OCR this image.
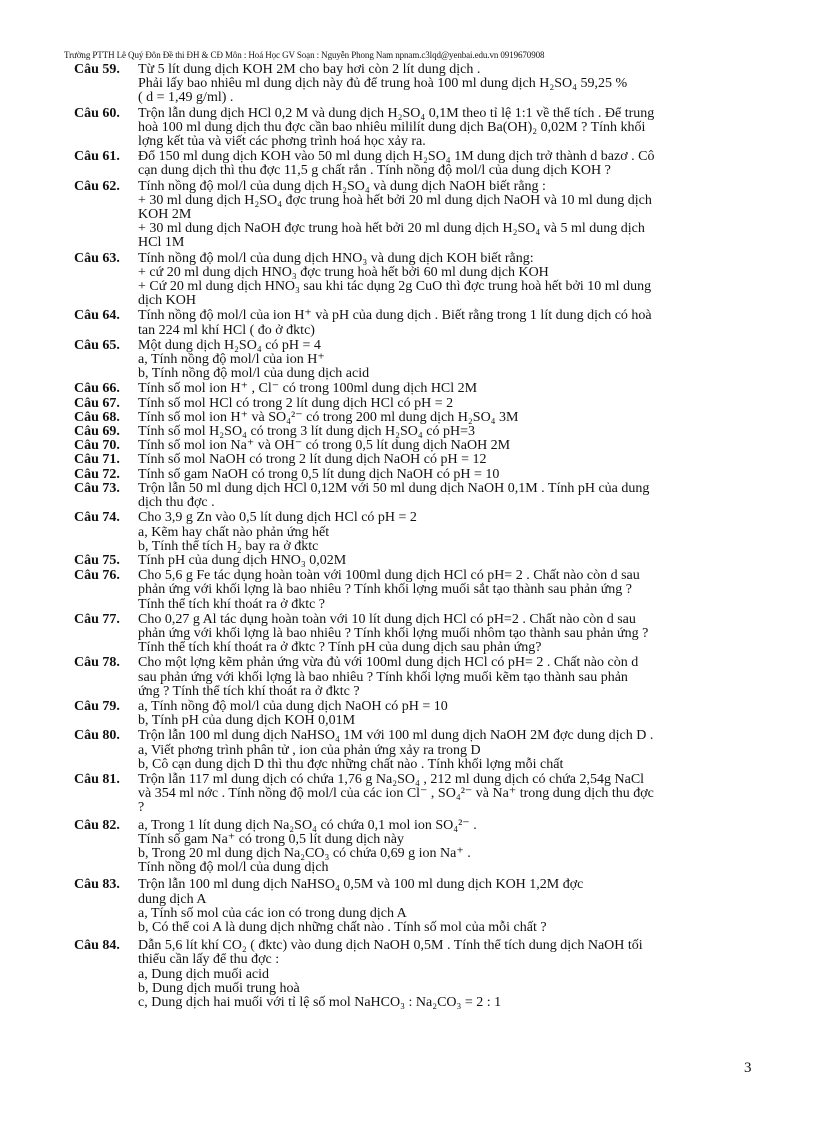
Trường PTTH Lê Quý Đôn Đề thi ĐH & CĐ Môn : Hoá Học GV Soạn : Nguyễn Phong Nam npnam.c3lqd@yenbai.edu.vn 0919670908
Câu 59.	Từ 5 lít dung dịch KOH 2M cho bay hơi còn 2 lít dung dịch .
Phải lấy bao nhiêu ml dung dịch này đủ để trung hoà 100 ml dung dịch H₂SO₄ 59,25 %
( d = 1,49 g/ml) .
Câu 60.	Trộn lẫn dung dịch HCl 0,2 M và dung dịch H₂SO₄ 0,1M theo tỉ lệ 1:1 về thể tích . Để trung
hoà 100 ml dung dịch thu đợc cần bao nhiêu mililít dung dịch Ba(OH)₂ 0,02M ? Tính khối
lợng kết tủa và viết các phơng trình hoá học xảy ra.
Câu 61.	Đổ 150 ml dung dịch KOH vào 50 ml dung dịch H₂SO₄ 1M dung dịch trở thành d bazơ . Cô
cạn dung dịch thì thu đợc 11,5 g chất rắn . Tính nồng độ mol/l của dung dịch KOH ?
Câu 62.	Tính nồng độ mol/l của dung dịch H₂SO₄ và dung dịch NaOH biết rằng :
+ 30 ml dung dịch H₂SO₄ đợc trung hoà hết bởi 20 ml dung dịch NaOH và 10 ml dung dịch
KOH 2M
+ 30 ml dung dịch NaOH đợc trung hoà hết bởi 20 ml dung dịch H₂SO₄ và 5 ml dung dịch
HCl 1M
Câu 63.	Tính nồng độ mol/l của dung dịch HNO₃ và dung dịch KOH biết rằng:
+ cứ 20 ml dung dịch HNO₃ đợc trung hoà hết bởi 60 ml dung dịch KOH
+ Cứ 20 ml dung dịch HNO₃ sau khi tác dụng 2g CuO thì đợc trung hoà hết bởi 10 ml dung
dịch KOH
Câu 64.	Tính nồng độ mol/l của ion H⁺ và pH của dung dịch . Biết rằng trong 1 lít dung dịch có hoà
tan 224 ml khí HCl ( đo ở đktc)
Câu 65.	Một dung dịch H₂SO₄ có pH = 4
a, Tính nồng độ mol/l của ion H⁺
b, Tính nồng độ mol/l của dung dịch acid
Câu 66.	Tính số mol ion H⁺ , Cl⁻ có trong 100ml dung dịch HCl 2M
Câu 67.	Tính số mol HCl có trong 2 lít dung dịch HCl có pH = 2
Câu 68.	Tính số mol ion H⁺ và SO₄²⁻ có trong 200 ml dung dịch H₂SO₄ 3M
Câu 69.	Tính số mol H₂SO₄ có trong 3 lít dung dịch H₂SO₄ có pH=3
Câu 70.	Tính số mol ion Na⁺ và OH⁻ có trong 0,5 lít dung dịch NaOH 2M
Câu 71.	Tính số mol NaOH có trong 2 lít dung dịch NaOH có pH = 12
Câu 72.	Tính số gam NaOH có trong 0,5 lít dung dịch NaOH có pH = 10
Câu 73.	Trộn lẫn 50 ml dung dịch HCl 0,12M với 50 ml dung dịch NaOH 0,1M . Tính pH của dung
dịch thu đợc .
Câu 74.	Cho 3,9 g Zn vào 0,5 lít dung dịch HCl có pH = 2
a, Kẽm hay chất nào phản ứng hết
b, Tính thể tích H₂ bay ra ở đktc
Câu 75.	Tính pH của dung dịch HNO₃ 0,02M
Câu 76.	Cho 5,6 g Fe tác dụng hoàn toàn với 100ml dung dịch HCl có pH= 2 . Chất nào còn d sau
phản ứng với khối lợng là bao nhiêu ? Tính khối lợng muối sắt tạo thành sau phản ứng ?
Tính thể tích khí thoát ra ở đktc ?
Câu 77.	Cho 0,27 g Al tác dụng hoàn toàn với 10 lít dung dịch HCl có pH=2 . Chất nào còn d sau
phản ứng với khối lợng là bao nhiêu ? Tính khối lợng muối nhôm tạo thành sau phản ứng ?
Tính thể tích khí thoát ra ở đktc ? Tính pH của dung dịch sau phản ứng?
Câu 78.	Cho một lợng kẽm phản ứng vừa đủ với 100ml dung dịch HCl có pH= 2 . Chất nào còn d
sau phản ứng với khối lợng là bao nhiêu ? Tính khối lợng muối kẽm tạo thành sau phản
ứng ? Tính thể tích khí thoát ra ở đktc ?
Câu 79.	a, Tính nồng độ mol/l của dung dịch NaOH có pH = 10
b, Tính pH của dung dịch KOH 0,01M
Câu 80.	Trộn lẫn 100 ml dung dịch NaHSO₄ 1M với 100 ml dung dịch NaOH 2M đợc dung dịch D .
a, Viết phơng trình phân tử , ion của phản ứng xảy ra trong D
b, Cô cạn dung dịch D thì thu đợc những chất nào . Tính khối lợng mỗi chất
Câu 81.	Trộn lẫn 117 ml dung dịch có chứa 1,76 g Na₂SO₄ , 212 ml dung dịch có chứa 2,54g NaCl
và 354 ml nớc . Tính nồng độ mol/l của các ion Cl⁻ , SO₄²⁻ và Na⁺ trong dung dịch thu đợc
?
Câu 82.	a, Trong 1 lít dung dịch Na₂SO₄ có chứa 0,1 mol ion SO₄²⁻ .
Tính số gam Na⁺ có trong 0,5 lít dung dịch này
b, Trong 20 ml dung dịch Na₂CO₃ có chứa 0,69 g ion Na⁺ .
Tính nồng độ mol/l của dung dịch
Câu 83.	Trộn lẫn 100 ml dung dịch NaHSO₄ 0,5M và 100 ml dung dịch KOH 1,2M đợc
dung dịch A
a, Tính số mol của các ion có trong dung dịch A
b, Có thể coi A là dung dịch những chất nào . Tính số mol của mỗi chất ?
Câu 84.	Dẫn 5,6 lít khí CO₂ ( đktc) vào dung dịch NaOH 0,5M . Tính thể tích dung dịch NaOH tối
thiểu cần lấy để thu đợc :
a, Dung dịch muối acid
b, Dung dịch muối trung hoà
c, Dung dịch hai muối với tỉ lệ số mol NaHCO₃ : Na₂CO₃ = 2 : 1
3
